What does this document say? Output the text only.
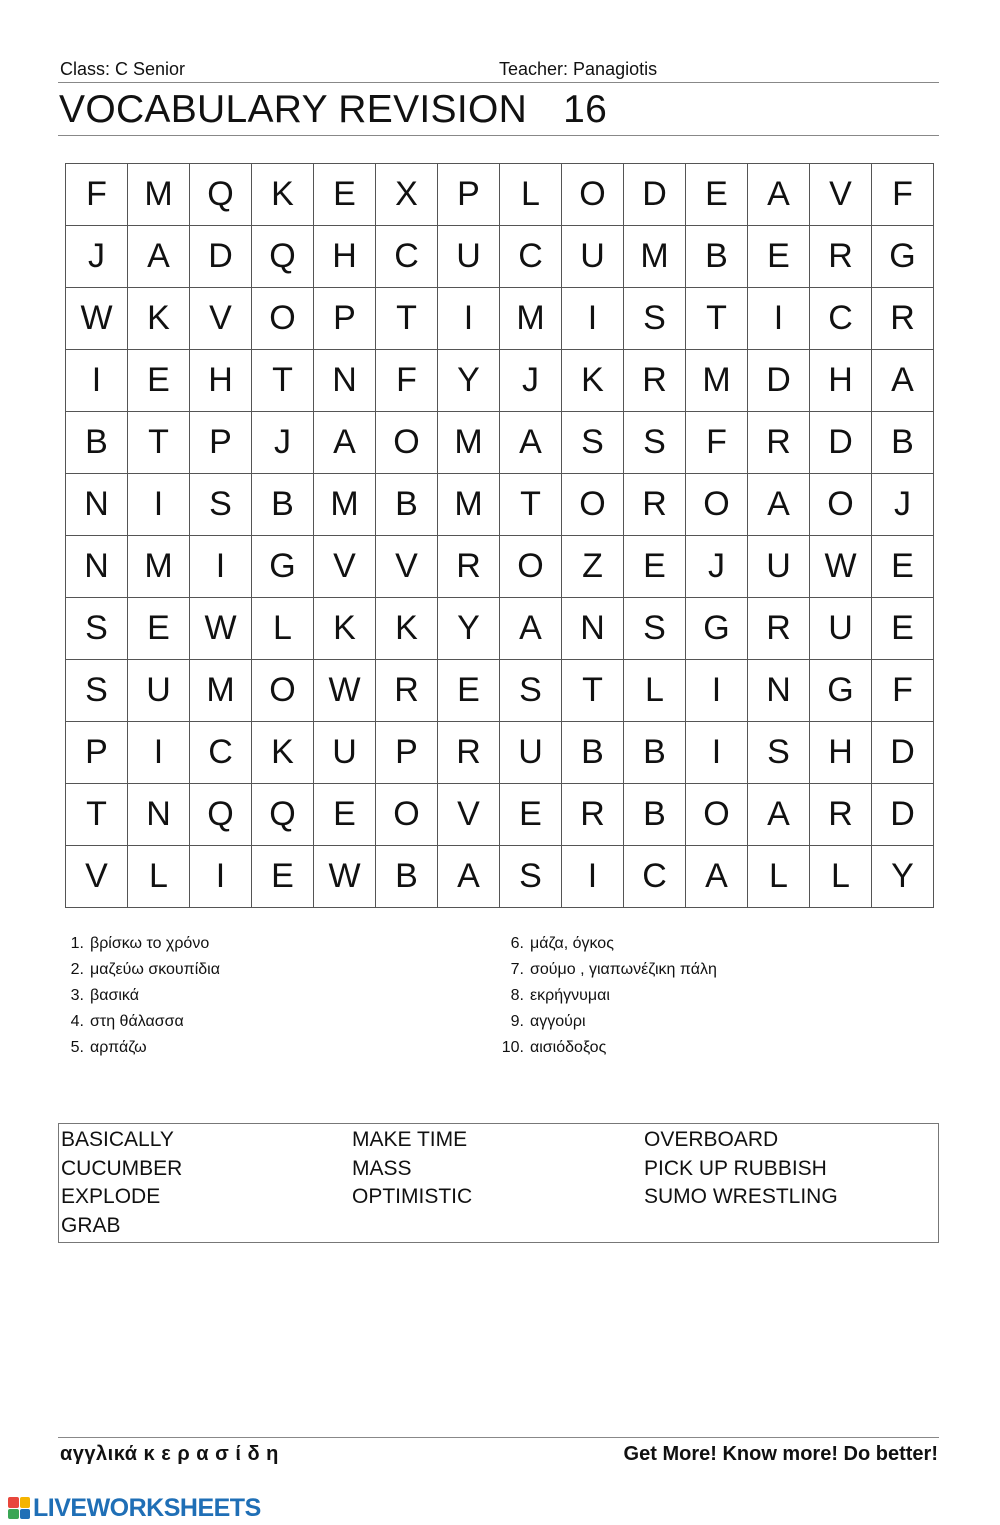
Class: C Senior	Teacher: Panagiotis
VOCABULARY REVISION 16
F	M	Q	K	E	X	P	L	O	D	E	A	V	F
J	A	D	Q	H	C	U	C	U	M	B	E	R	G
W	K	V	O	P	T	I	M	I	S	T	I	C	R
I	E	H	T	N	F	Y	J	K	R	M	D	H	A
B	T	P	J	A	O	M	A	S	S	F	R	D	B
N	I	S	B	M	B	M	T	O	R	O	A	O	J
N	M	I	G	V	V	R	O	Z	E	J	U	W	E
S	E	W	L	K	K	Y	A	N	S	G	R	U	E
S	U	M	O	W	R	E	S	T	L	I	N	G	F
P	I	C	K	U	P	R	U	B	B	I	S	H	D
T	N	Q	Q	E	O	V	E	R	B	O	A	R	D
V	L	I	E	W	B	A	S	I	C	A	L	L	Y
1. βρίσκω το χρόνο
2. μαζεύω σκουπίδια
3. βασικά
4. στη θάλασσα
5. αρπάζω
6. μάζα, όγκος
7. σούμο , γιαπωνέζικη πάλη
8. εκρήγνυμαι
9. αγγούρι
10. αισιόδοξος
BASICALLY
CUCUMBER
EXPLODE
GRAB
MAKE TIME
MASS
OPTIMISTIC
OVERBOARD
PICK UP RUBBISH
SUMO WRESTLING
αγγλικά κ ε ρ α σ ί δ η	Get More! Know more! Do better!
LIVEWORKSHEETS
